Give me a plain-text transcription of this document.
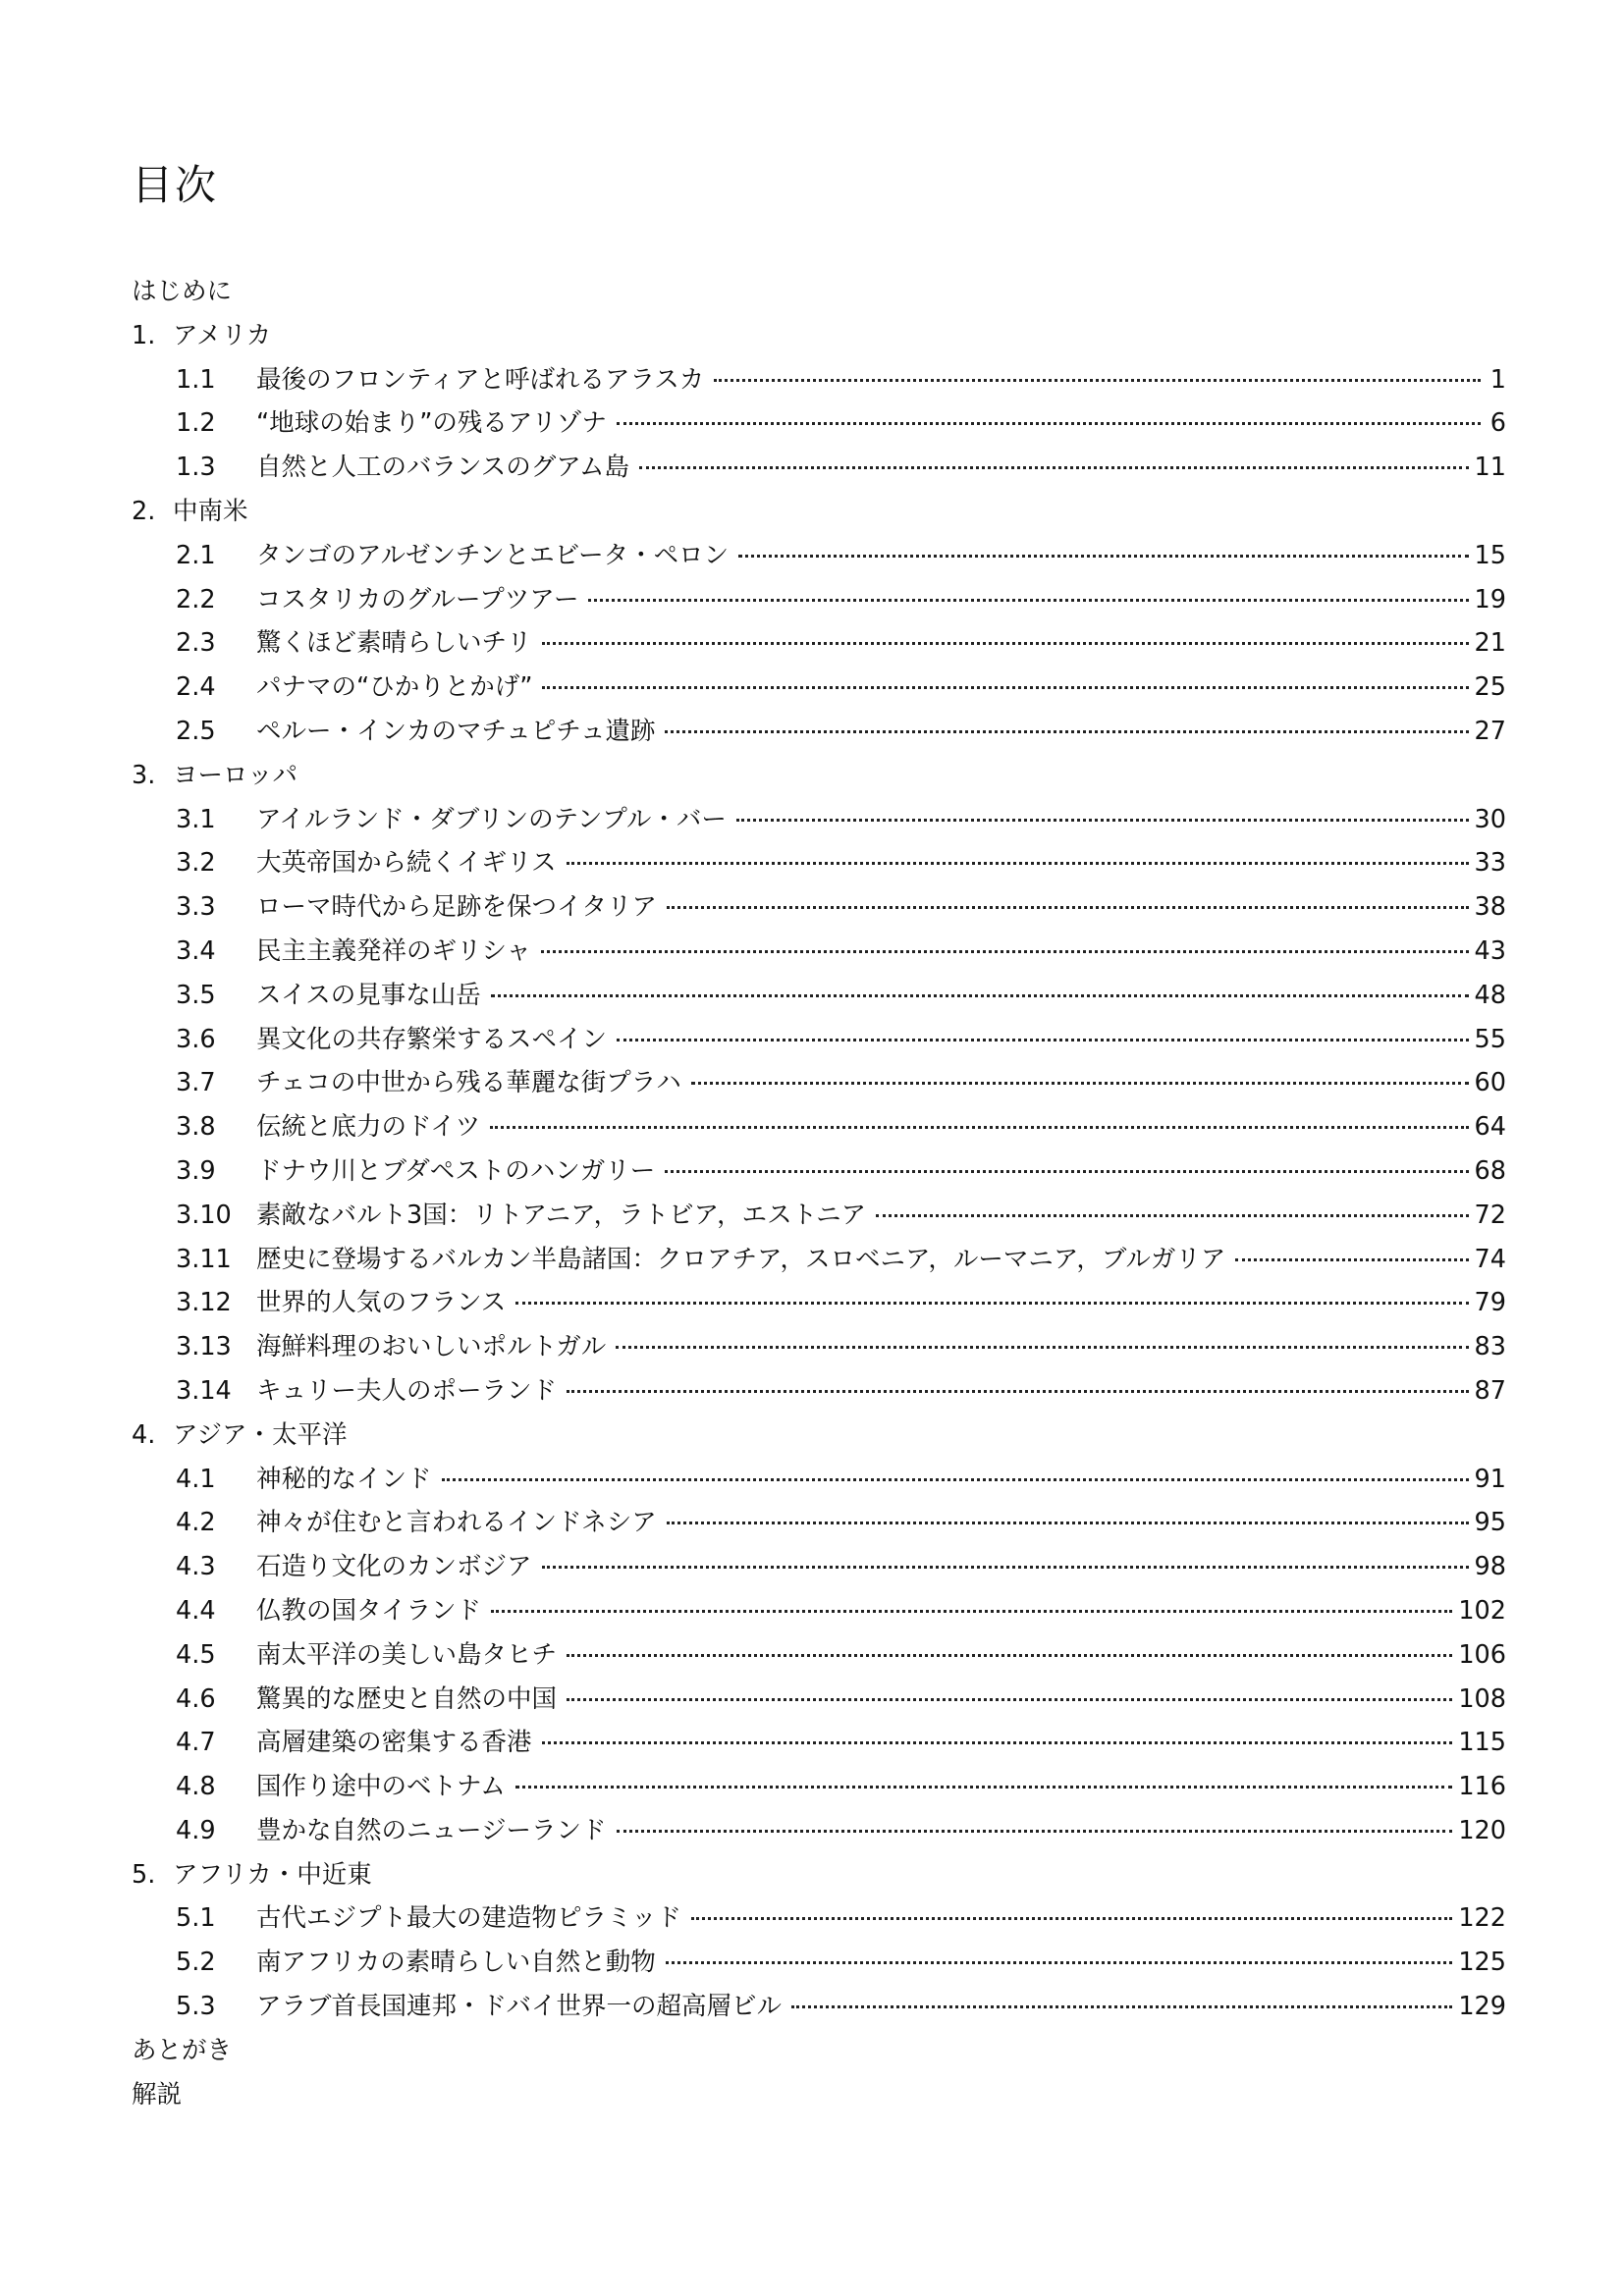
目次
はじめに
1. アメリカ
1.1	最後のフロンティアと呼ばれるアラスカ	1
1.2	“地球の始まり”の残るアリゾナ	6
1.3	自然と人工のバランスのグアム島	11
2. 中南米
2.1	タンゴのアルゼンチンとエビータ・ペロン	15
2.2	コスタリカのグループツアー	19
2.3	驚くほど素晴らしいチリ	21
2.4	パナマの“ひかりとかげ”	25
2.5	ペルー・インカのマチュピチュ遺跡	27
3. ヨーロッパ
3.1	アイルランド・ダブリンのテンプル・バー	30
3.2	大英帝国から続くイギリス	33
3.3	ローマ時代から足跡を保つイタリア	38
3.4	民主主義発祥のギリシャ	43
3.5	スイスの見事な山岳	48
3.6	異文化の共存繁栄するスペイン	55
3.7	チェコの中世から残る華麗な街プラハ	60
3.8	伝統と底力のドイツ	64
3.9	ドナウ川とブダペストのハンガリー	68
3.10 素敵なバルト3国：リトアニア，ラトビア，エストニア	72
3.11 歴史に登場するバルカン半島諸国：クロアチア，スロベニア，ルーマニア，ブルガリア	74
3.12 世界的人気のフランス	79
3.13 海鮮料理のおいしいポルトガル	83
3.14 キュリー夫人のポーランド	87
4. アジア・太平洋
4.1	神秘的なインド	91
4.2	神々が住むと言われるインドネシア	95
4.3	石造り文化のカンボジア	98
4.4	仏教の国タイランド	102
4.5	南太平洋の美しい島タヒチ	106
4.6	驚異的な歴史と自然の中国	108
4.7	高層建築の密集する香港	115
4.8	国作り途中のベトナム	116
4.9	豊かな自然のニュージーランド	120
5. アフリカ・中近東
5.1	古代エジプト最大の建造物ピラミッド	122
5.2	南アフリカの素晴らしい自然と動物	125
5.3	アラブ首長国連邦・ドバイ世界一の超高層ビル	129
あとがき
解説
